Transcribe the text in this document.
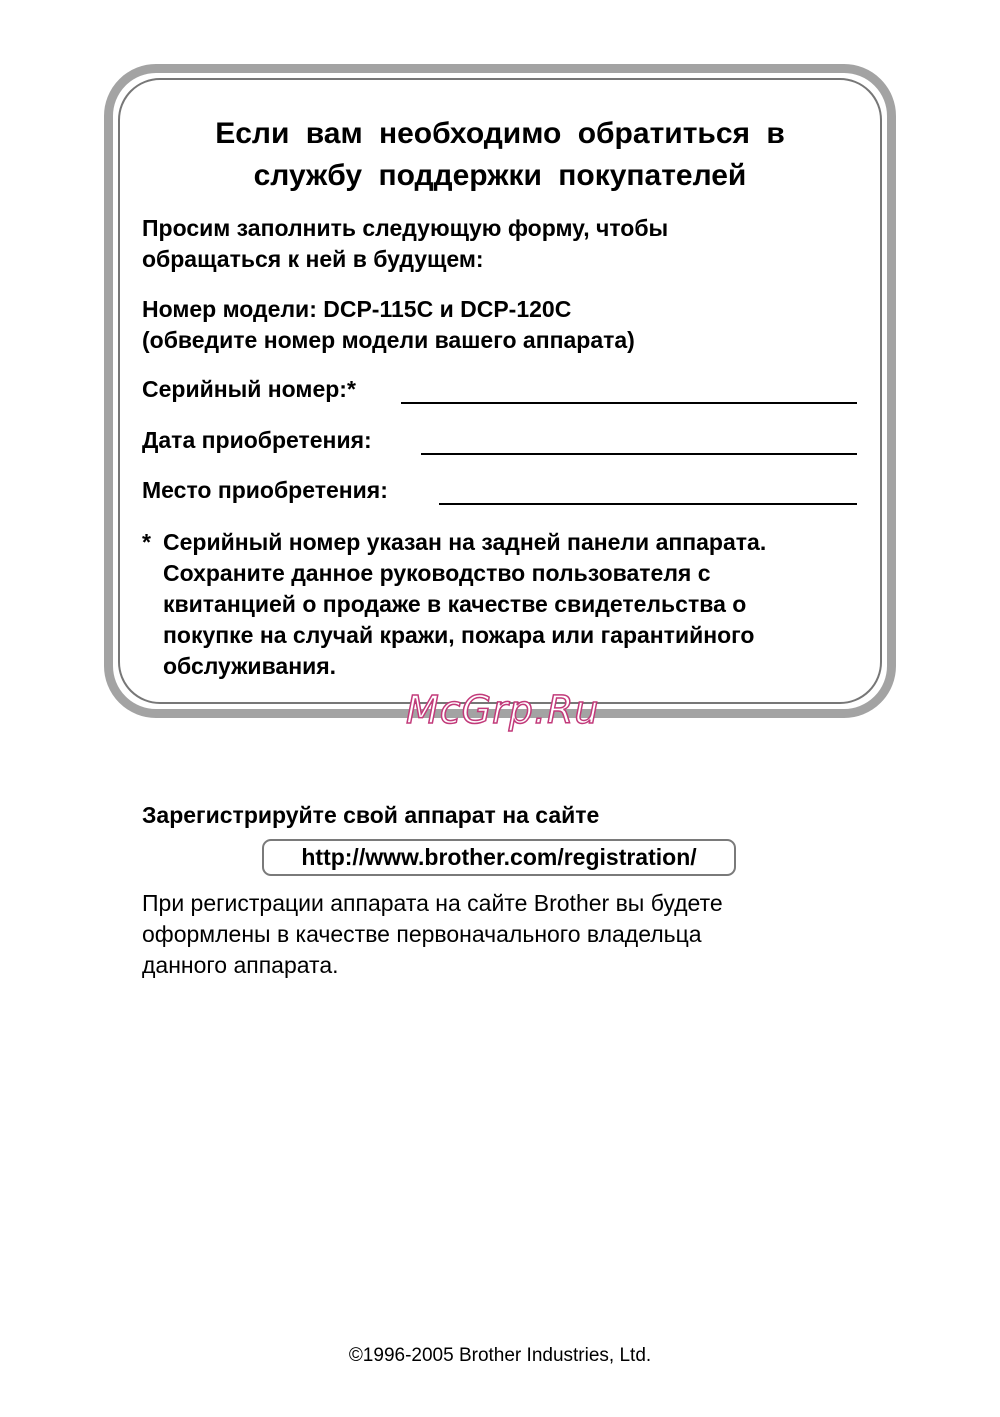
Если вам необходимо обратиться в
службу поддержки покупателей

Просим заполнить следующую форму, чтобы

обращаться к ней в будущем:

Номер модели: DCP-115C и DCP-120C

(обведите номер модели вашего аппарата)

Серийный номер:*

Дата приобретения:

Место приобретения:

* Серийный номер указан на задней панели аппарата.
Сохраните данное руководство пользователя с
квитанцией о продаже в качестве свидетельства о
покупке на случай кражи, пожара или гарантийного
обслуживания.

McGrp.Ru

Зарегистрируйте свой аппарат на сайте

http://www.brother.com/registration/

При регистрации аппарата на сайте Brother вы будете
оформлены в качестве первоначального владельца
данного аппарата.

©1996-2005 Brother Industries, Ltd.
